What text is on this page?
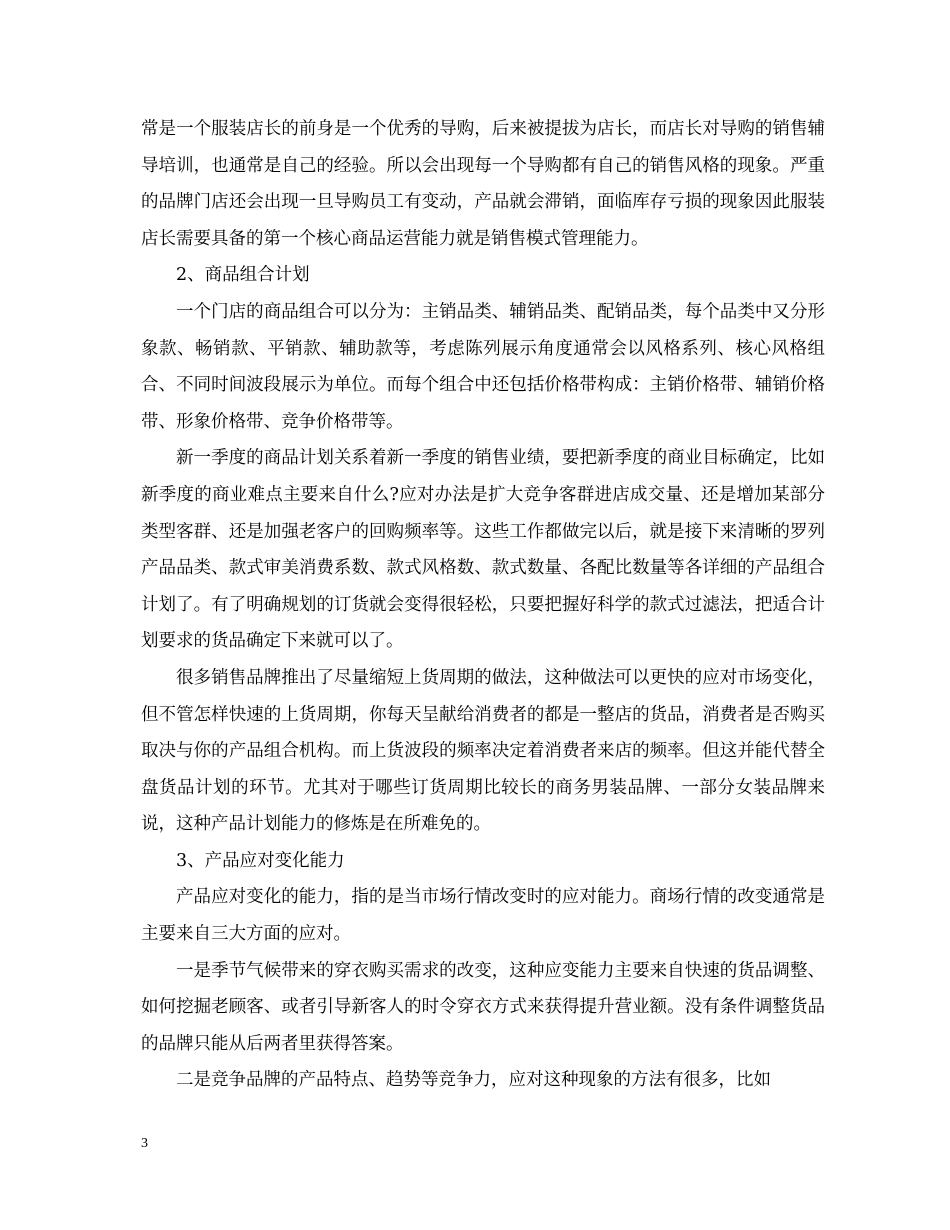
常是一个服装店长的前身是一个优秀的导购，后来被提拔为店长，而店长对导购的销售辅导培训，也通常是自己的经验。所以会出现每一个导购都有自己的销售风格的现象。严重的品牌门店还会出现一旦导购员工有变动，产品就会滞销，面临库存亏损的现象因此服装店长需要具备的第一个核心商品运营能力就是销售模式管理能力。

2、商品组合计划

一个门店的商品组合可以分为：主销品类、辅销品类、配销品类，每个品类中又分形象款、畅销款、平销款、辅助款等，考虑陈列展示角度通常会以风格系列、核心风格组合、不同时间波段展示为单位。而每个组合中还包括价格带构成：主销价格带、辅销价格带、形象价格带、竞争价格带等。

新一季度的商品计划关系着新一季度的销售业绩，要把新季度的商业目标确定，比如新季度的商业难点主要来自什么?应对办法是扩大竞争客群进店成交量、还是增加某部分类型客群、还是加强老客户的回购频率等。这些工作都做完以后，就是接下来清晰的罗列产品品类、款式审美消费系数、款式风格数、款式数量、各配比数量等各详细的产品组合计划了。有了明确规划的订货就会变得很轻松，只要把握好科学的款式过滤法，把适合计划要求的货品确定下来就可以了。

很多销售品牌推出了尽量缩短上货周期的做法，这种做法可以更快的应对市场变化，但不管怎样快速的上货周期，你每天呈献给消费者的都是一整店的货品，消费者是否购买取决与你的产品组合机构。而上货波段的频率决定着消费者来店的频率。但这并能代替全盘货品计划的环节。尤其对于哪些订货周期比较长的商务男装品牌、一部分女装品牌来说，这种产品计划能力的修炼是在所难免的。

3、产品应对变化能力

产品应对变化的能力，指的是当市场行情改变时的应对能力。商场行情的改变通常是主要来自三大方面的应对。

一是季节气候带来的穿衣购买需求的改变，这种应变能力主要来自快速的货品调整、如何挖掘老顾客、或者引导新客人的时令穿衣方式来获得提升营业额。没有条件调整货品的品牌只能从后两者里获得答案。

二是竞争品牌的产品特点、趋势等竞争力，应对这种现象的方法有很多，比如

3
